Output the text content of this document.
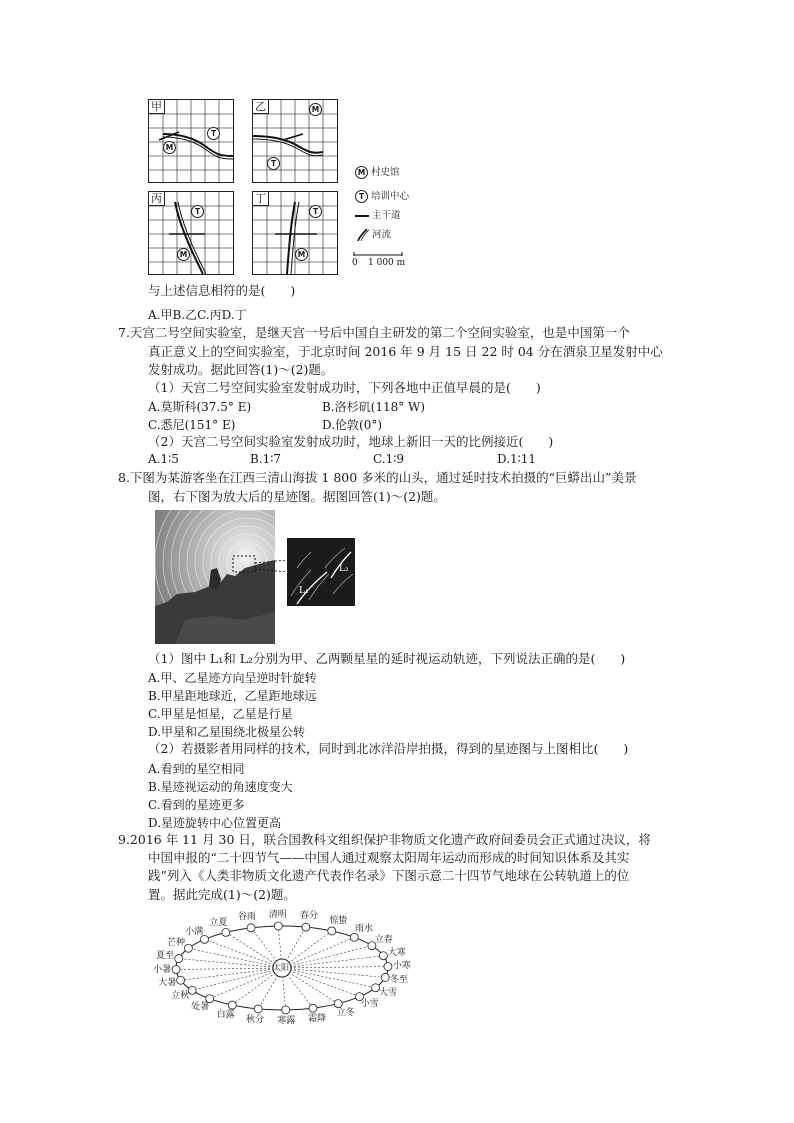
甲
T
M
乙	M
T
丙
T
M
丁
T
M
M 村史馆
T 培训中心
主干道
河流
0 1 000 m
与上述信息相符的是(　　)
A.甲B.乙C.丙D.丁
7.天宫二号空间实验室，是继天宫一号后中国自主研发的第二个空间实验室，也是中国第一个
真正意义上的空间实验室，于北京时间 2016 年 9 月 15 日 22 时 04 分在酒泉卫星发射中心
发射成功。据此回答(1)～(2)题。
（1）天宫二号空间实验室发射成功时，下列各地中正值早晨的是(　　)
A.莫斯科(37.5° E)	B.洛杉矶(118° W)
C.悉尼(151° E)	D.伦敦(0°)
（2）天宫二号空间实验室发射成功时，地球上新旧一天的比例接近(　　)
A.1∶5	B.1∶7	C.1∶9	D.1∶11
8.下图为某游客坐在江西三清山海拔 1 800 多米的山头，通过延时技术拍摄的“巨蟒出山”美景
图，右下图为放大后的星迹图。据图回答(1)～(2)题。
L₁
L₂
（1）图中 L₁和 L₂分别为甲、乙两颗星星的延时视运动轨迹，下列说法正确的是(　　)
A.甲、乙星迹方向呈逆时针旋转
B.甲星距地球近，乙星距地球远
C.甲星是恒星，乙星是行星
D.甲星和乙星围绕北极星公转
（2）若摄影者用同样的技术，同时到北冰洋沿岸拍摄，得到的星迹图与上图相比(　　)
A.看到的星空相同
B.星迹视运动的角速度变大
C.看到的星迹更多
D.星迹旋转中心位置更高
9.2016 年 11 月 30 日，联合国教科文组织保护非物质文化遗产政府间委员会正式通过决议，将
中国申报的“二十四节气——中国人通过观察太阳周年运动而形成的时间知识体系及其实
践”列入《人类非物质文化遗产代表作名录》下图示意二十四节气地球在公转轨道上的位
置。据此完成(1)～(2)题。
太阳
立夏
谷雨 清明 春分 惊蛰
雨水
立春
大寒
小寒
冬至
大雪
小雪
立冬
霜降
寒露
秋分
白露
处暑
立秋
大暑
小暑
夏至
芒种
小满
